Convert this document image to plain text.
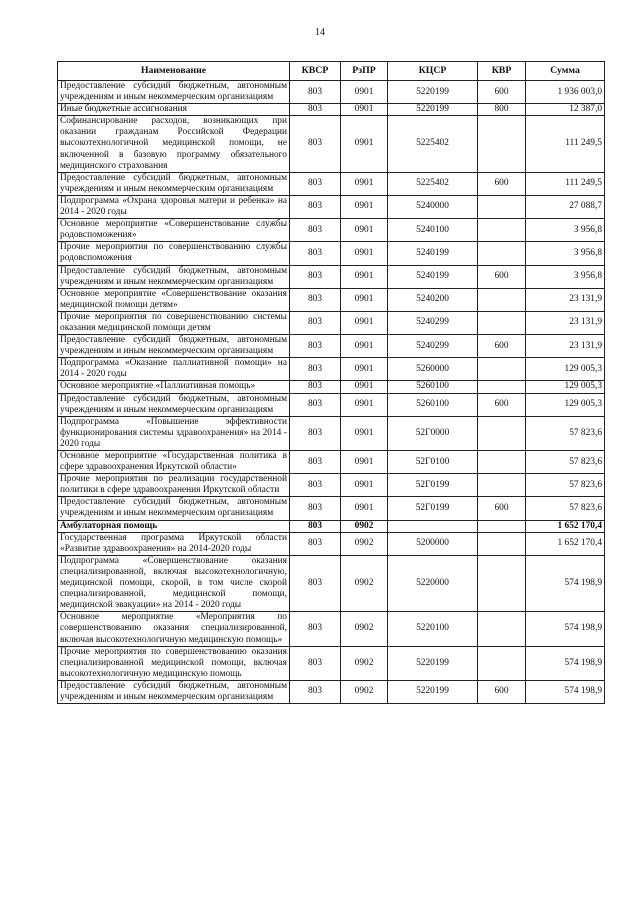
14
Наименование	КВСР	РзПР	КЦСР	КВР	Сумма
Предоставление субсидий бюджетным, автономным учреждениям и иным некоммерческим организациям	803	0901	5220199	600	1 936 003,0
Иные бюджетные ассигнования	803	0901	5220199	800	12 387,0
Софинансирование расходов, возникающих при оказании гражданам Российской Федерации высокотехнологичной медицинской помощи, не включенной в базовую программу обязательного медицинского страхования	803	0901	5225402		111 249,5
Предоставление субсидий бюджетным, автономным учреждениям и иным некоммерческим организациям	803	0901	5225402	600	111 249,5
Подпрограмма «Охрана здоровья матери и ребенка» на 2014 - 2020 годы	803	0901	5240000		27 088,7
Основное мероприятие «Совершенствование службы родовспоможения»	803	0901	5240100		3 956,8
Прочие мероприятия по совершенствованию службы родовспоможения	803	0901	5240199		3 956,8
Предоставление субсидий бюджетным, автономным учреждениям и иным некоммерческим организациям	803	0901	5240199	600	3 956,8
Основное мероприятие «Совершенствование оказания медицинской помощи детям»	803	0901	5240200		23 131,9
Прочие мероприятия по совершенствованию системы оказания медицинской помощи детям	803	0901	5240299		23 131,9
Предоставление субсидий бюджетным, автономным учреждениям и иным некоммерческим организациям	803	0901	5240299	600	23 131,9
Подпрограмма «Оказание паллиативной помощи» на 2014 - 2020 годы	803	0901	5260000		129 005,3
Основное мероприятие «Паллиативная помощь»	803	0901	5260100		129 005,3
Предоставление субсидий бюджетным, автономным учреждениям и иным некоммерческим организациям	803	0901	5260100	600	129 005,3
Подпрограмма «Повышение эффективности функционирования системы здравоохранения» на 2014 - 2020 годы	803	0901	52Г0000		57 823,6
Основное мероприятие «Государственная политика в сфере здравоохранения Иркутской области»	803	0901	52Г0100		57 823,6
Прочие мероприятия по реализации государственной политики в сфере здравоохранения Иркутской области	803	0901	52Г0199		57 823,6
Предоставление субсидий бюджетным, автономным учреждениям и иным некоммерческим организациям	803	0901	52Г0199	600	57 823,6
Амбулаторная помощь	803	0902			1 652 170,4
Государственная программа Иркутской области «Развитие здравоохранения» на 2014-2020 годы	803	0902	5200000		1 652 170,4
Подпрограмма «Совершенствование оказания специализированной, включая высокотехнологичную, медицинской помощи, скорой, в том числе скорой специализированной, медицинской помощи, медицинской эвакуации» на 2014 - 2020 годы	803	0902	5220000		574 198,9
Основное мероприятие «Мероприятия по совершенствованию оказания специализированной, включая высокотехнологичную медицинскую помощь»	803	0902	5220100		574 198,9
Прочие мероприятия по совершенствованию оказания специализированной медицинской помощи, включая высокотехнологичную медицинскую помощь	803	0902	5220199		574 198,9
Предоставление субсидий бюджетным, автономным учреждениям и иным некоммерческим организациям	803	0902	5220199	600	574 198,9
